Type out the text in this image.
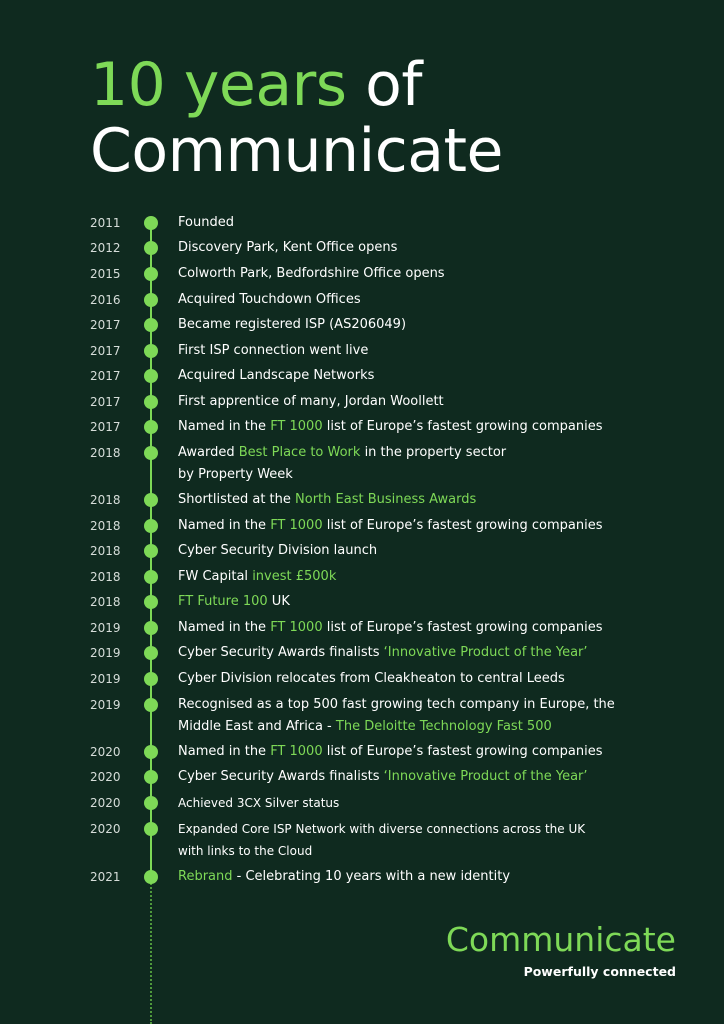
10 years of
Communicate
2011	Founded
2012	Discovery Park, Kent Office opens
2015	Colworth Park, Bedfordshire Office opens
2016	Acquired Touchdown Offices
2017	Became registered ISP (AS206049)
2017	First ISP connection went live
2017	Acquired Landscape Networks
2017	First apprentice of many, Jordan Woollett
2017	Named in the FT 1000 list of Europe’s fastest growing companies
2018	Awarded Best Place to Work in the property sector
by Property Week
2018	Shortlisted at the North East Business Awards
2018	Named in the FT 1000 list of Europe’s fastest growing companies
2018	Cyber Security Division launch
2018	FW Capital invest £500k
2018	FT Future 100 UK
2019	Named in the FT 1000 list of Europe’s fastest growing companies
2019	Cyber Security Awards finalists ‘Innovative Product of the Year’
2019	Cyber Division relocates from Cleakheaton to central Leeds
2019	Recognised as a top 500 fast growing tech company in Europe, the
Middle East and Africa - The Deloitte Technology Fast 500
2020	Named in the FT 1000 list of Europe’s fastest growing companies
2020	Cyber Security Awards finalists ‘Innovative Product of the Year’
2020	Achieved 3CX Silver status
2020	Expanded Core ISP Network with diverse connections across the UK
with links to the Cloud
2021	Rebrand - Celebrating 10 years with a new identity
Communicate
Powerfully connected
